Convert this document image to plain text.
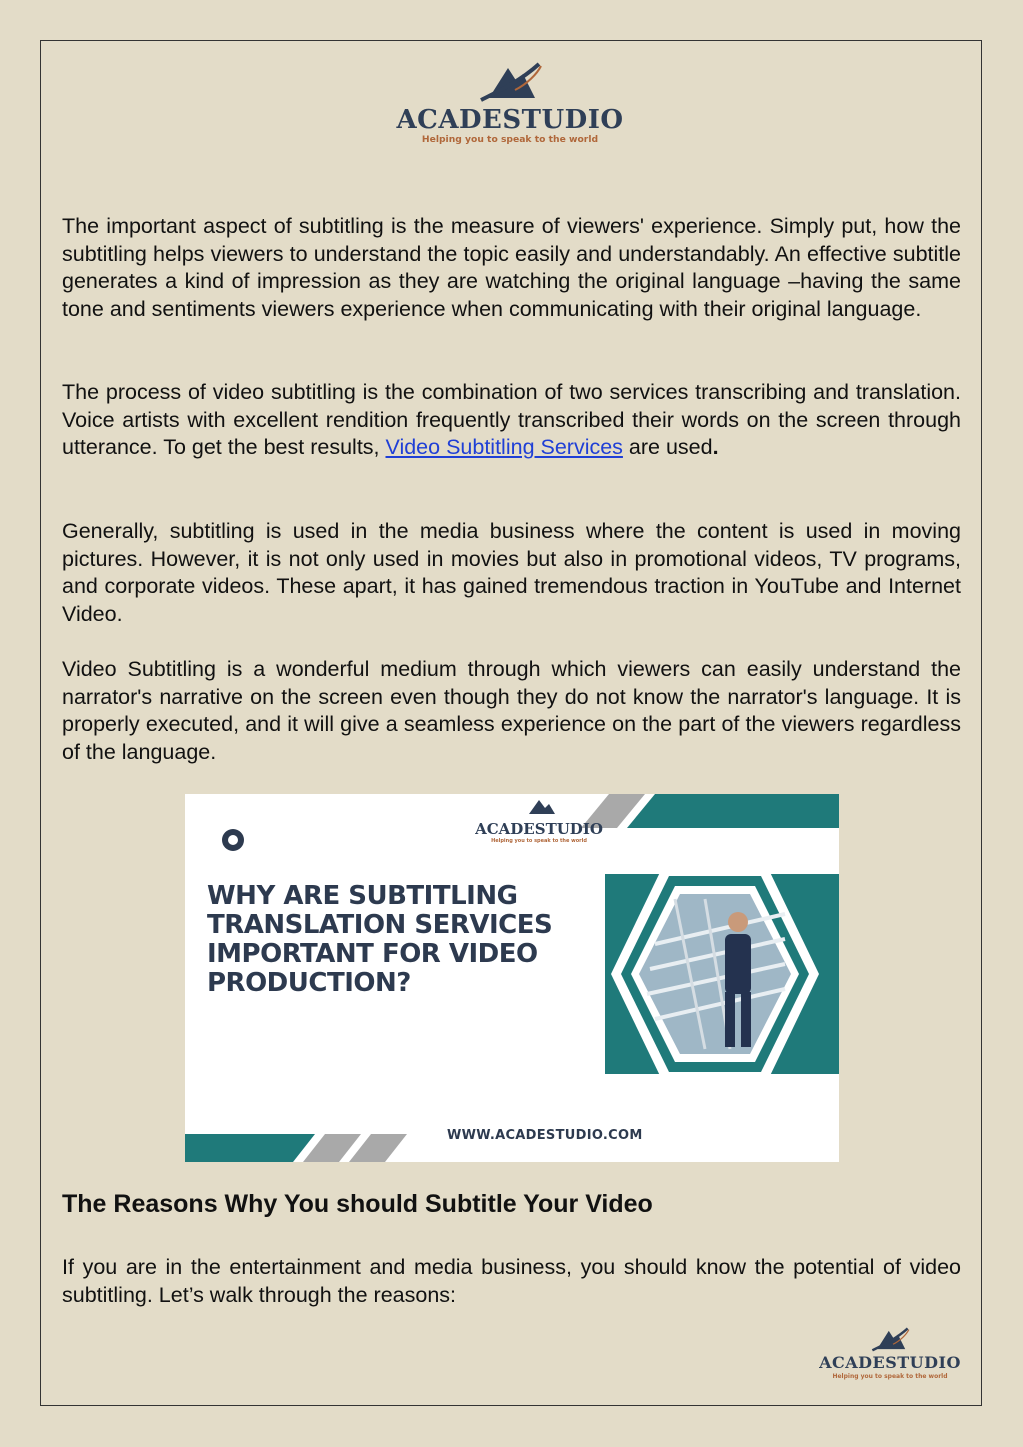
ACADESTUDIO
Helping you to speak to the world

The important aspect of subtitling is the measure of viewers' experience. Simply put, how the subtitling helps viewers to understand the topic easily and understandably. An effective subtitle generates a kind of impression as they are watching the original language –having the same tone and sentiments viewers experience when communicating with their original language.

The process of video subtitling is the combination of two services transcribing and translation. Voice artists with excellent rendition frequently transcribed their words on the screen through utterance. To get the best results, Video Subtitling Services are used.

Generally, subtitling is used in the media business where the content is used in moving pictures. However, it is not only used in movies but also in promotional videos, TV programs, and corporate videos. These apart, it has gained tremendous traction in YouTube and Internet Video.

Video Subtitling is a wonderful medium through which viewers can easily understand the narrator's narrative on the screen even though they do not know the narrator's language. It is properly executed, and it will give a seamless experience on the part of the viewers regardless of the language.

ACADESTUDIO
Helping you to speak to the world
WHY ARE SUBTITLING TRANSLATION SERVICES IMPORTANT FOR VIDEO PRODUCTION?
WWW.ACADESTUDIO.COM
The Reasons Why You should Subtitle Your Video

If you are in the entertainment and media business, you should know the potential of video subtitling. Let’s walk through the reasons:

ACADESTUDIO
Helping you to speak to the world
